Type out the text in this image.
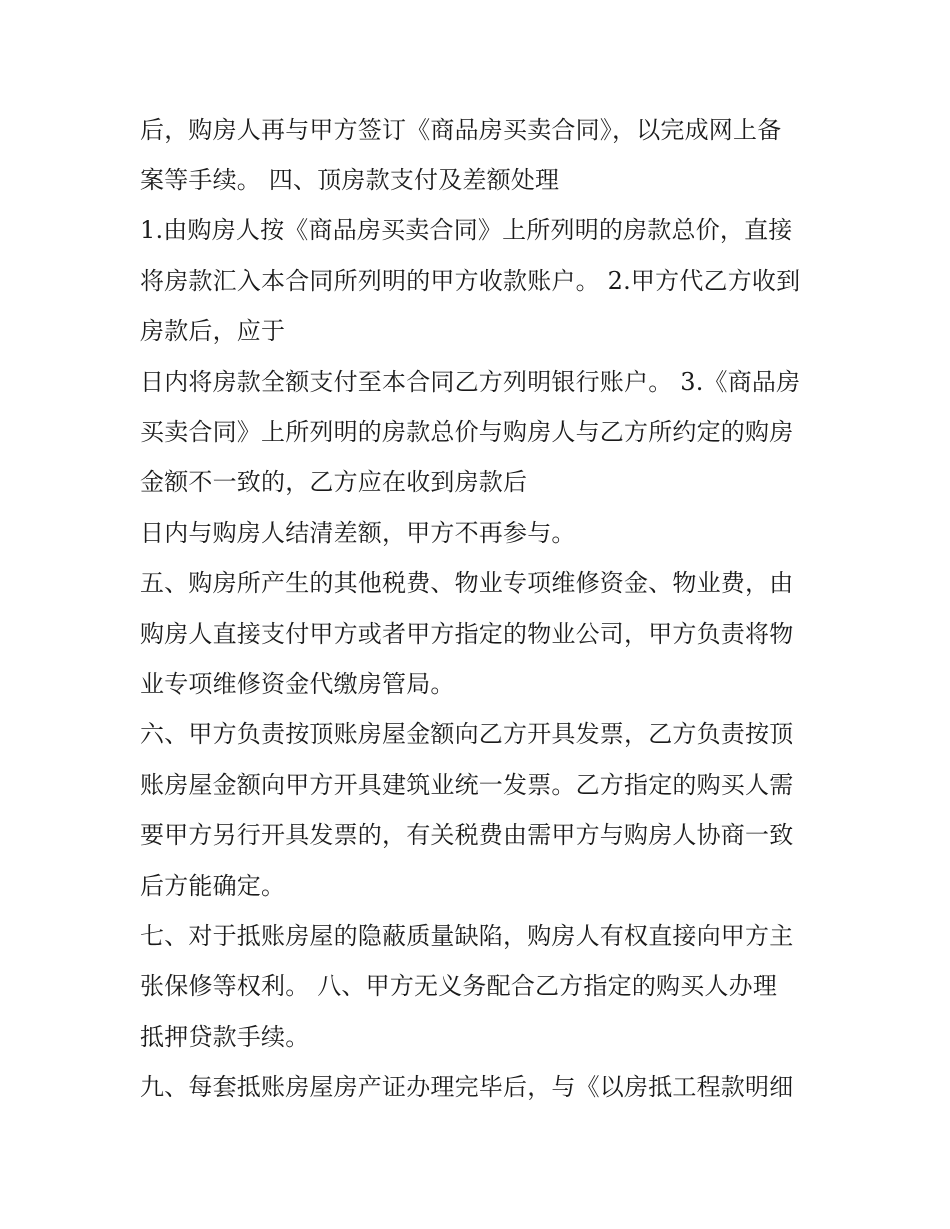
后，购房人再与甲方签订《商品房买卖合同》，以完成网上备
案等手续。 四、顶房款支付及差额处理
1.由购房人按《商品房买卖合同》上所列明的房款总价，直接
将房款汇入本合同所列明的甲方收款账户。 2.甲方代乙方收到
房款后，应于
日内将房款全额支付至本合同乙方列明银行账户。 3.《商品房
买卖合同》上所列明的房款总价与购房人与乙方所约定的购房
金额不一致的，乙方应在收到房款后
日内与购房人结清差额，甲方不再参与。
五、购房所产生的其他税费、物业专项维修资金、物业费，由
购房人直接支付甲方或者甲方指定的物业公司，甲方负责将物
业专项维修资金代缴房管局。
六、甲方负责按顶账房屋金额向乙方开具发票，乙方负责按顶
账房屋金额向甲方开具建筑业统一发票。乙方指定的购买人需
要甲方另行开具发票的，有关税费由需甲方与购房人协商一致
后方能确定。
七、对于抵账房屋的隐蔽质量缺陷，购房人有权直接向甲方主
张保修等权利。 八、甲方无义务配合乙方指定的购买人办理
抵押贷款手续。
九、每套抵账房屋房产证办理完毕后，与《以房抵工程款明细
